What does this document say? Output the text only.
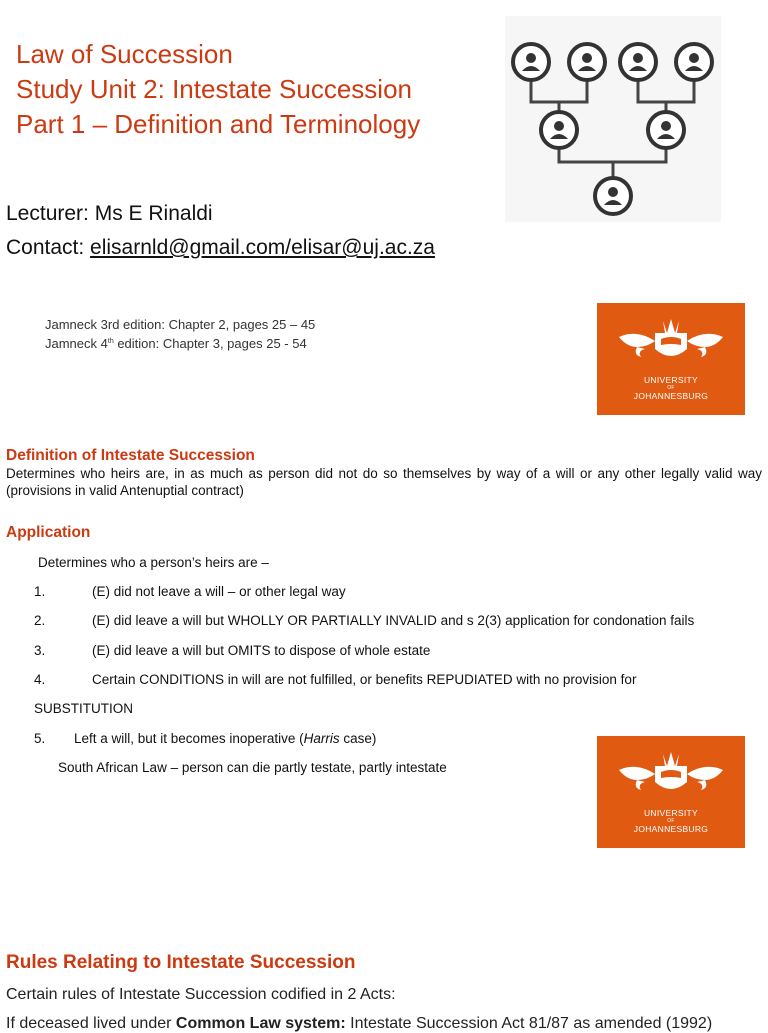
Law of Succession
Study Unit 2: Intestate Succession
Part 1 – Definition and Terminology
Lecturer: Ms E Rinaldi
Contact: elisarnld@gmail.com/elisar@uj.ac.za
Jamneck 3rd edition: Chapter 2, pages 25 – 45
Jamneck 4th edition: Chapter 3, pages 25 - 54
UNIVERSITY
OF
JOHANNESBURG
Definition of Intestate Succession
Determines who heirs are, in as much as person did not do so themselves by way of a will or any other legally valid way (provisions in valid Antenuptial contract)
Application
Determines who a person’s heirs are –
1.	(E) did not leave a will – or other legal way
2.	(E) did leave a will but WHOLLY OR PARTIALLY INVALID and s 2(3) application for condonation fails
3.	(E) did leave a will but OMITS to dispose of whole estate
4.	Certain CONDITIONS in will are not fulfilled, or benefits REPUDIATED with no provision for
SUBSTITUTION
5. Left a will, but it becomes inoperative (Harris case)
South African Law – person can die partly testate, partly intestate
UNIVERSITY
OF
JOHANNESBURG
Rules Relating to Intestate Succession
Certain rules of Intestate Succession codified in 2 Acts:
If deceased lived under Common Law system: Intestate Succession Act 81/87 as amended (1992)
